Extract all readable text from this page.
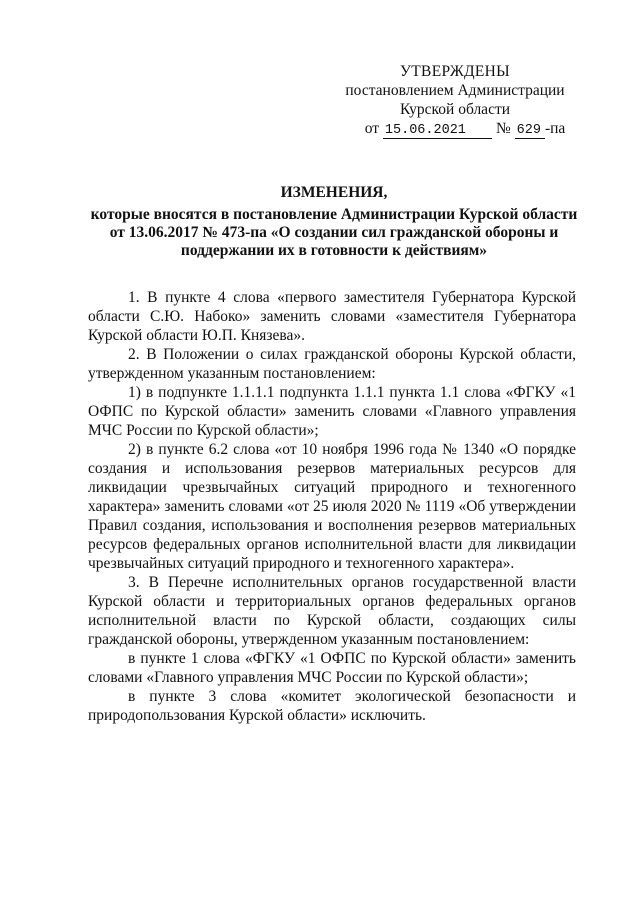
УТВЕРЖДЕНЫ
постановлением Администрации
Курской области
от 15.06.2021 № 629 -па
ИЗМЕНЕНИЯ,
которые вносятся в постановление Администрации Курской области
от 13.06.2017 № 473-па «О создании сил гражданской обороны и
поддержании их в готовности к действиям»

1. В пункте 4 слова «первого заместителя Губернатора Курской области С.Ю. Набоко» заменить словами «заместителя Губернатора Курской области Ю.П. Князева».

2. В Положении о силах гражданской обороны Курской области, утвержденном указанным постановлением:

1) в подпункте 1.1.1.1 подпункта 1.1.1 пункта 1.1 слова «ФГКУ «1 ОФПС по Курской области» заменить словами «Главного управления МЧС России по Курской области»;

2) в пункте 6.2 слова «от 10 ноября 1996 года № 1340 «О порядке создания и использования резервов материальных ресурсов для ликвидации чрезвычайных ситуаций природного и техногенного характера» заменить словами «от 25 июля 2020 № 1119 «Об утверждении Правил создания, использования и восполнения резервов материальных ресурсов федеральных органов исполнительной власти для ликвидации чрезвычайных ситуаций природного и техногенного характера».

3. В Перечне исполнительных органов государственной власти Курской области и территориальных органов федеральных органов исполнительной власти по Курской области, создающих силы гражданской обороны, утвержденном указанным постановлением:

в пункте 1 слова «ФГКУ «1 ОФПС по Курской области» заменить словами «Главного управления МЧС России по Курской области»;

в пункте 3 слова «комитет экологической безопасности и природопользования Курской области» исключить.
